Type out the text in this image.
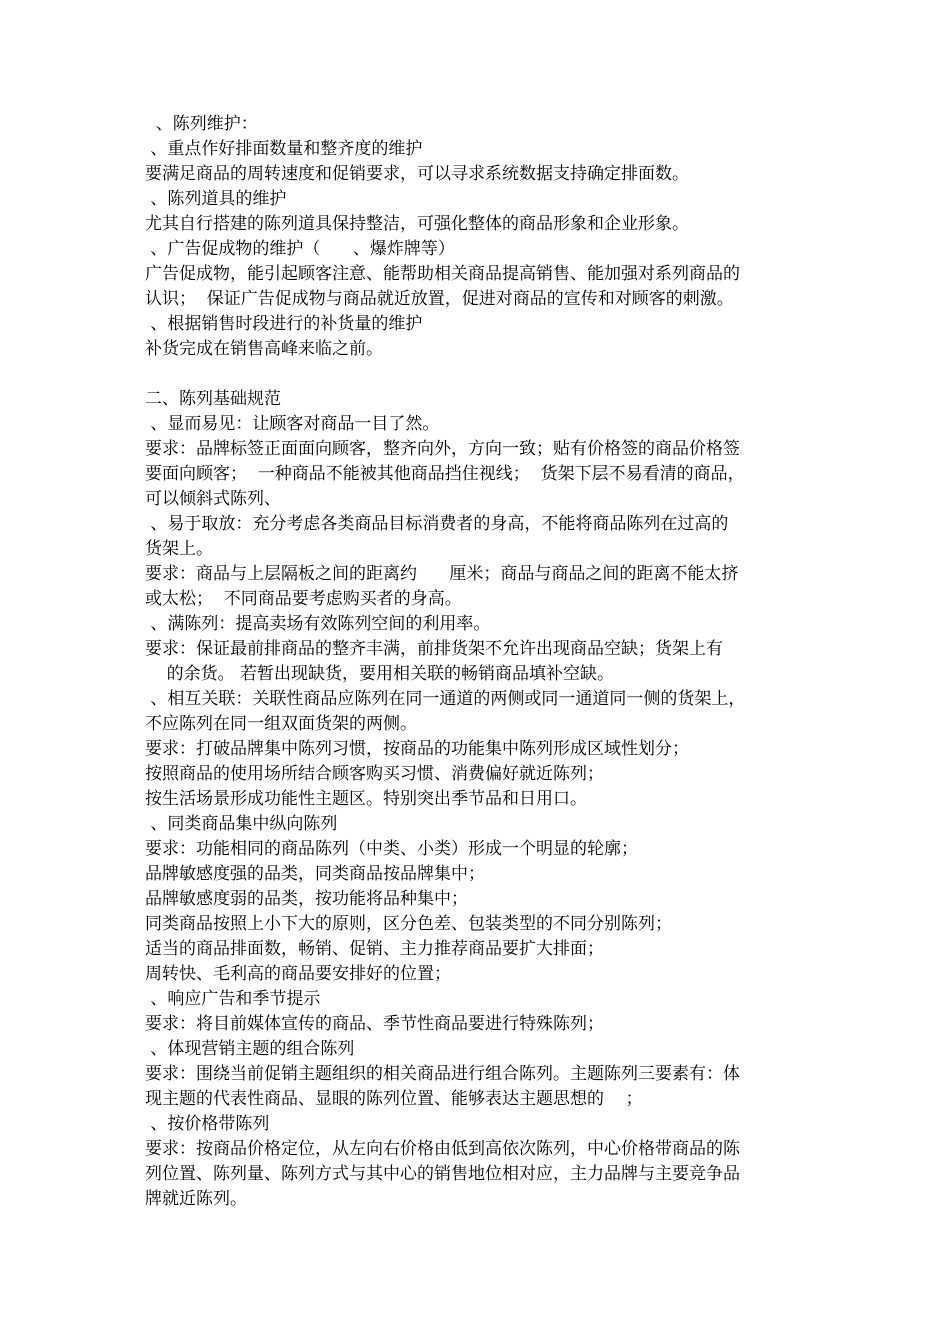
、陈列维护：
、重点作好排面数量和整齐度的维护
要满足商品的周转速度和促销要求，可以寻求系统数据支持确定排面数。
、陈列道具的维护
尤其自行搭建的陈列道具保持整洁，可强化整体的商品形象和企业形象。
、广告促成物的维护（      、爆炸牌等）
广告促成物，能引起顾客注意、能帮助相关商品提高销售、能加强对系列商品的
认识；  保证广告促成物与商品就近放置，促进对商品的宣传和对顾客的刺激。
、根据销售时段进行的补货量的维护
补货完成在销售高峰来临之前。
二、陈列基础规范
、显而易见：让顾客对商品一目了然。
要求：品牌标签正面面向顾客，整齐向外，方向一致；贴有价格签的商品价格签
要面向顾客；  一种商品不能被其他商品挡住视线；  货架下层不易看清的商品，
可以倾斜式陈列、
、易于取放：充分考虑各类商品目标消费者的身高，不能将商品陈列在过高的
货架上。
要求：商品与上层隔板之间的距离约      厘米；商品与商品之间的距离不能太挤
或太松；  不同商品要考虑购买者的身高。
、满陈列：提高卖场有效陈列空间的利用率。
要求：保证最前排商品的整齐丰满，前排货架不允许出现商品空缺；货架上有
的余货。 若暂出现缺货，要用相关联的畅销商品填补空缺。
、相互关联：关联性商品应陈列在同一通道的两侧或同一通道同一侧的货架上，
不应陈列在同一组双面货架的两侧。
要求：打破品牌集中陈列习惯，按商品的功能集中陈列形成区域性划分；
按照商品的使用场所结合顾客购买习惯、消费偏好就近陈列；
按生活场景形成功能性主题区。特别突出季节品和日用口。
、同类商品集中纵向陈列
要求：功能相同的商品陈列（中类、小类）形成一个明显的轮廓；
品牌敏感度强的品类，同类商品按品牌集中；
品牌敏感度弱的品类，按功能将品种集中；
同类商品按照上小下大的原则，区分色差、包装类型的不同分别陈列；
适当的商品排面数，畅销、促销、主力推荐商品要扩大排面；
周转快、毛利高的商品要安排好的位置；
、响应广告和季节提示
要求：将目前媒体宣传的商品、季节性商品要进行特殊陈列；
、体现营销主题的组合陈列
要求：围绕当前促销主题组织的相关商品进行组合陈列。主题陈列三要素有：体
现主题的代表性商品、显眼的陈列位置、能够表达主题思想的    ；
、按价格带陈列
要求：按商品价格定位，从左向右价格由低到高依次陈列，中心价格带商品的陈
列位置、陈列量、陈列方式与其中心的销售地位相对应，主力品牌与主要竞争品
牌就近陈列。
